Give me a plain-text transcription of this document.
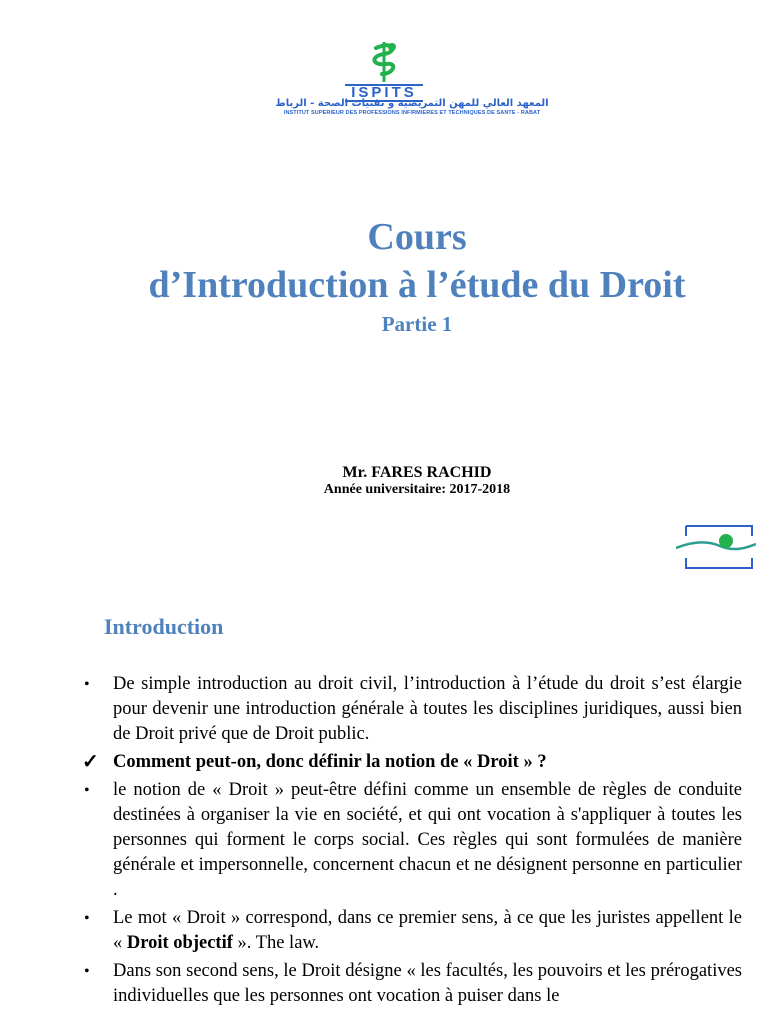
ISPITS
المعهد العالي للمهن التمريضية و تقنيات الصحة - الرباط
INSTITUT SUPÉRIEUR DES PROFESSIONS INFIRMIÈRES ET TECHNIQUES DE SANTÉ - RABAT
Cours
d’Introduction à l’étude du Droit
Partie 1
Mr. FARES RACHID
Année universitaire: 2017-2018
Introduction
• De simple introduction au droit civil, l’introduction à l’étude du droit s’est élargie pour devenir une introduction générale à toutes les disciplines juridiques, aussi bien de Droit privé que de Droit public.
✓ Comment peut-on, donc définir la notion de « Droit » ?
• le notion de « Droit » peut-être défini comme un ensemble de règles de conduite destinées à organiser la vie en société, et qui ont vocation à s'appliquer à toutes les personnes qui forment le corps social. Ces règles qui sont formulées de manière générale et impersonnelle, concernent chacun et ne désignent personne en particulier .
• Le mot « Droit » correspond, dans ce premier sens, à ce que les juristes appellent le « Droit objectif ». The law.
• Dans son second sens, le Droit désigne « les facultés, les pouvoirs et les prérogatives individuelles que les personnes ont vocation à puiser dans le
